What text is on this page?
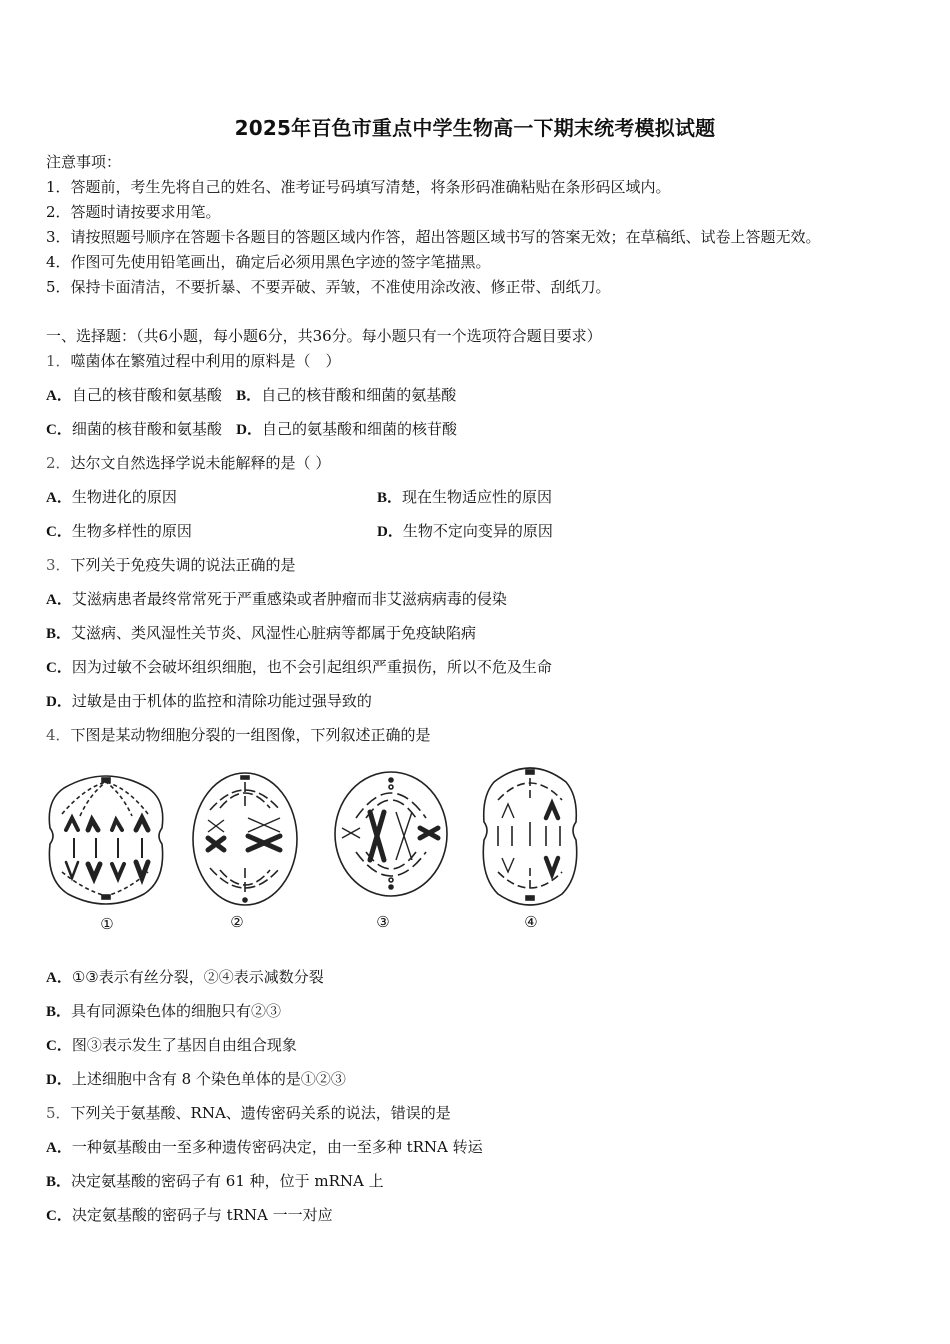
2025年百色市重点中学生物高一下期末统考模拟试题
注意事项：
1．答题前，考生先将自己的姓名、准考证号码填写清楚，将条形码准确粘贴在条形码区域内。
2．答题时请按要求用笔。
3．请按照题号顺序在答题卡各题目的答题区域内作答，超出答题区域书写的答案无效；在草稿纸、试卷上答题无效。
4．作图可先使用铅笔画出，确定后必须用黑色字迹的签字笔描黑。
5．保持卡面清洁，不要折暴、不要弄破、弄皱，不准使用涂改液、修正带、刮纸刀。
一、选择题：（共6小题，每小题6分，共36分。每小题只有一个选项符合题目要求）
1．噬菌体在繁殖过程中利用的原料是（　）
A．自己的核苷酸和氨基酸 B．自己的核苷酸和细菌的氨基酸
C．细菌的核苷酸和氨基酸 D．自己的氨基酸和细菌的核苷酸
2．达尔文自然选择学说未能解释的是（ ）
A．生物进化的原因	B．现在生物适应性的原因
C．生物多样性的原因	D．生物不定向变异的原因
3．下列关于免疫失调的说法正确的是
A．艾滋病患者最终常常死于严重感染或者肿瘤而非艾滋病病毒的侵染
B．艾滋病、类风湿性关节炎、风湿性心脏病等都属于免疫缺陷病
C．因为过敏不会破坏组织细胞，也不会引起组织严重损伤，所以不危及生命
D．过敏是由于机体的监控和清除功能过强导致的
4．下图是某动物细胞分裂的一组图像，下列叙述正确的是
①	②	③	④
A．①③表示有丝分裂，②④表示减数分裂
B．具有同源染色体的细胞只有②③
C．图③表示发生了基因自由组合现象
D．上述细胞中含有 8 个染色单体的是①②③
5．下列关于氨基酸、RNA、遗传密码关系的说法，错误的是
A．一种氨基酸由一至多种遗传密码决定，由一至多种 tRNA 转运
B．决定氨基酸的密码子有 61 种，位于 mRNA 上
C．决定氨基酸的密码子与 tRNA 一一对应
